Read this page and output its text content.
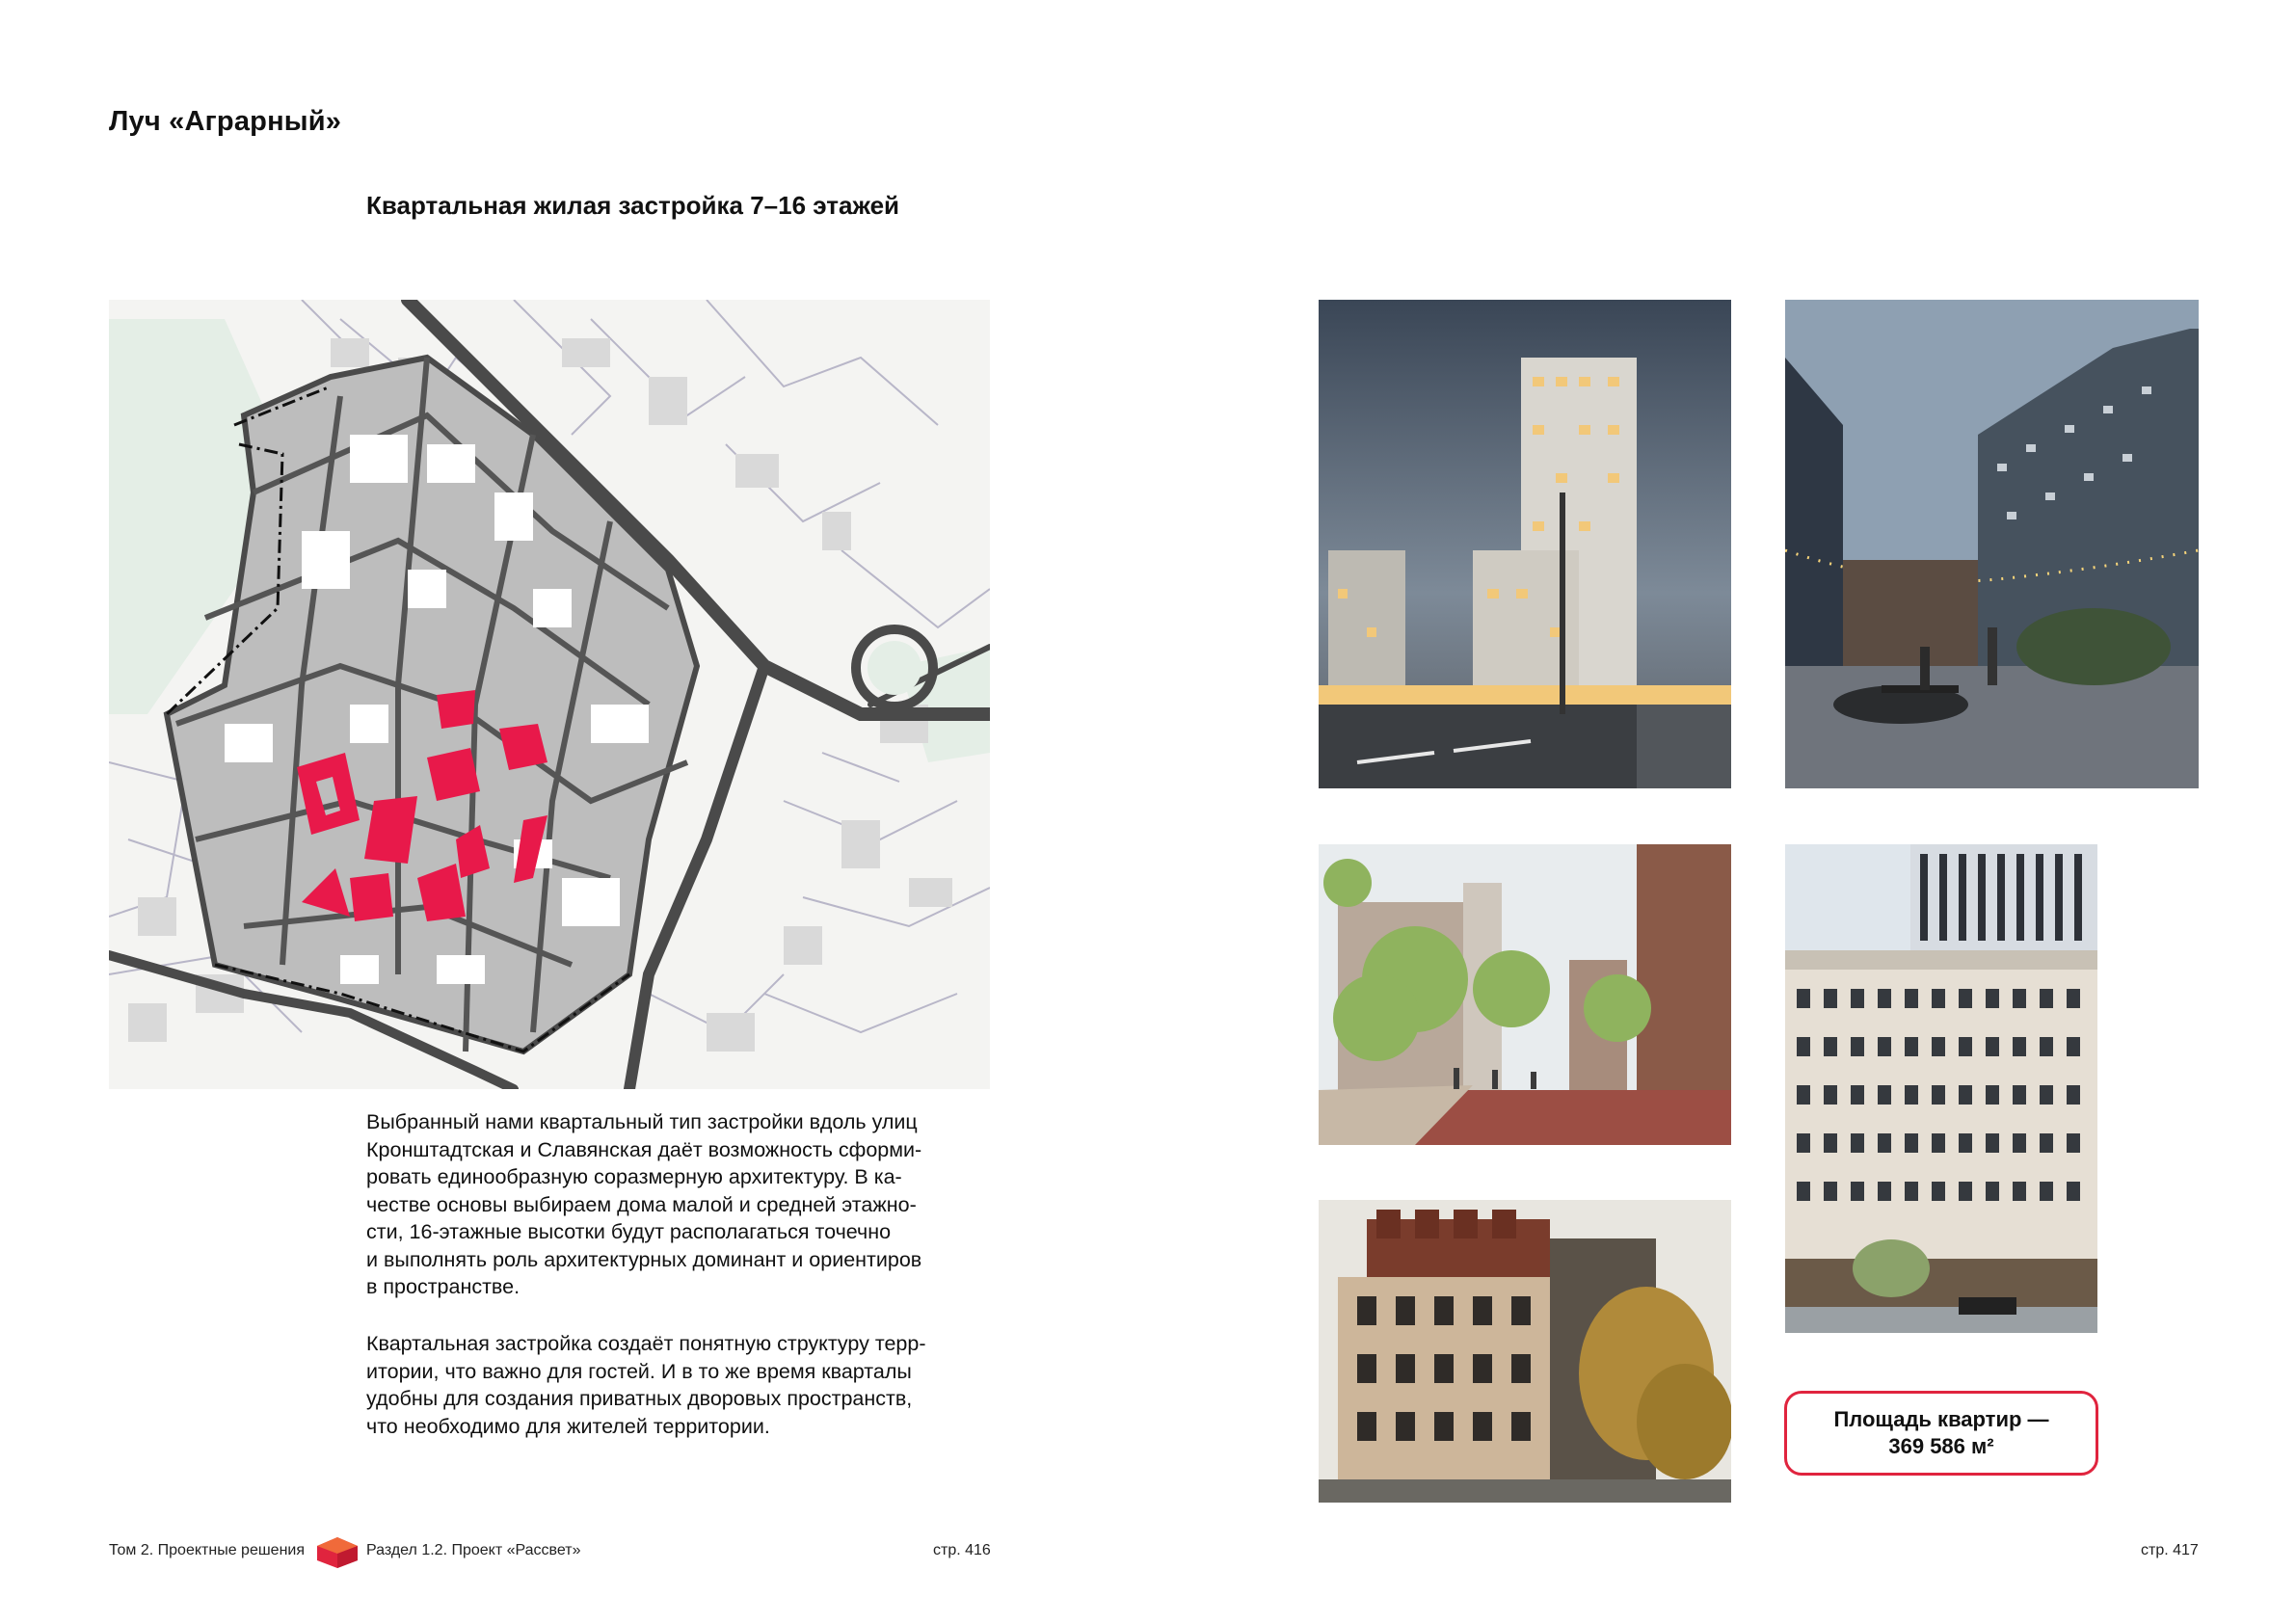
Луч «Аграрный»
Квартальная жилая застройка 7–16 этажей
Выбранный нами квартальный тип застройки вдоль улиц
Кронштадтская и Славянская даёт возможность сформи-
ровать единообразную соразмерную архитектуру. В ка-
честве основы выбираем дома малой и средней этажно-
сти, 16-этажные высотки будут располагаться точечно
и выполнять роль архитектурных доминант и ориентиров
в пространстве.
Квартальная застройка создаёт понятную структуру терр-
итории, что важно для гостей. И в то же время кварталы
удобны для создания приватных дворовых пространств,
что необходимо для жителей территории.	Площадь квартир —
369 586 м²
Том 2. Проектные решения	Раздел 1.2. Проект «Рассвет»	стр. 416	стр. 417
